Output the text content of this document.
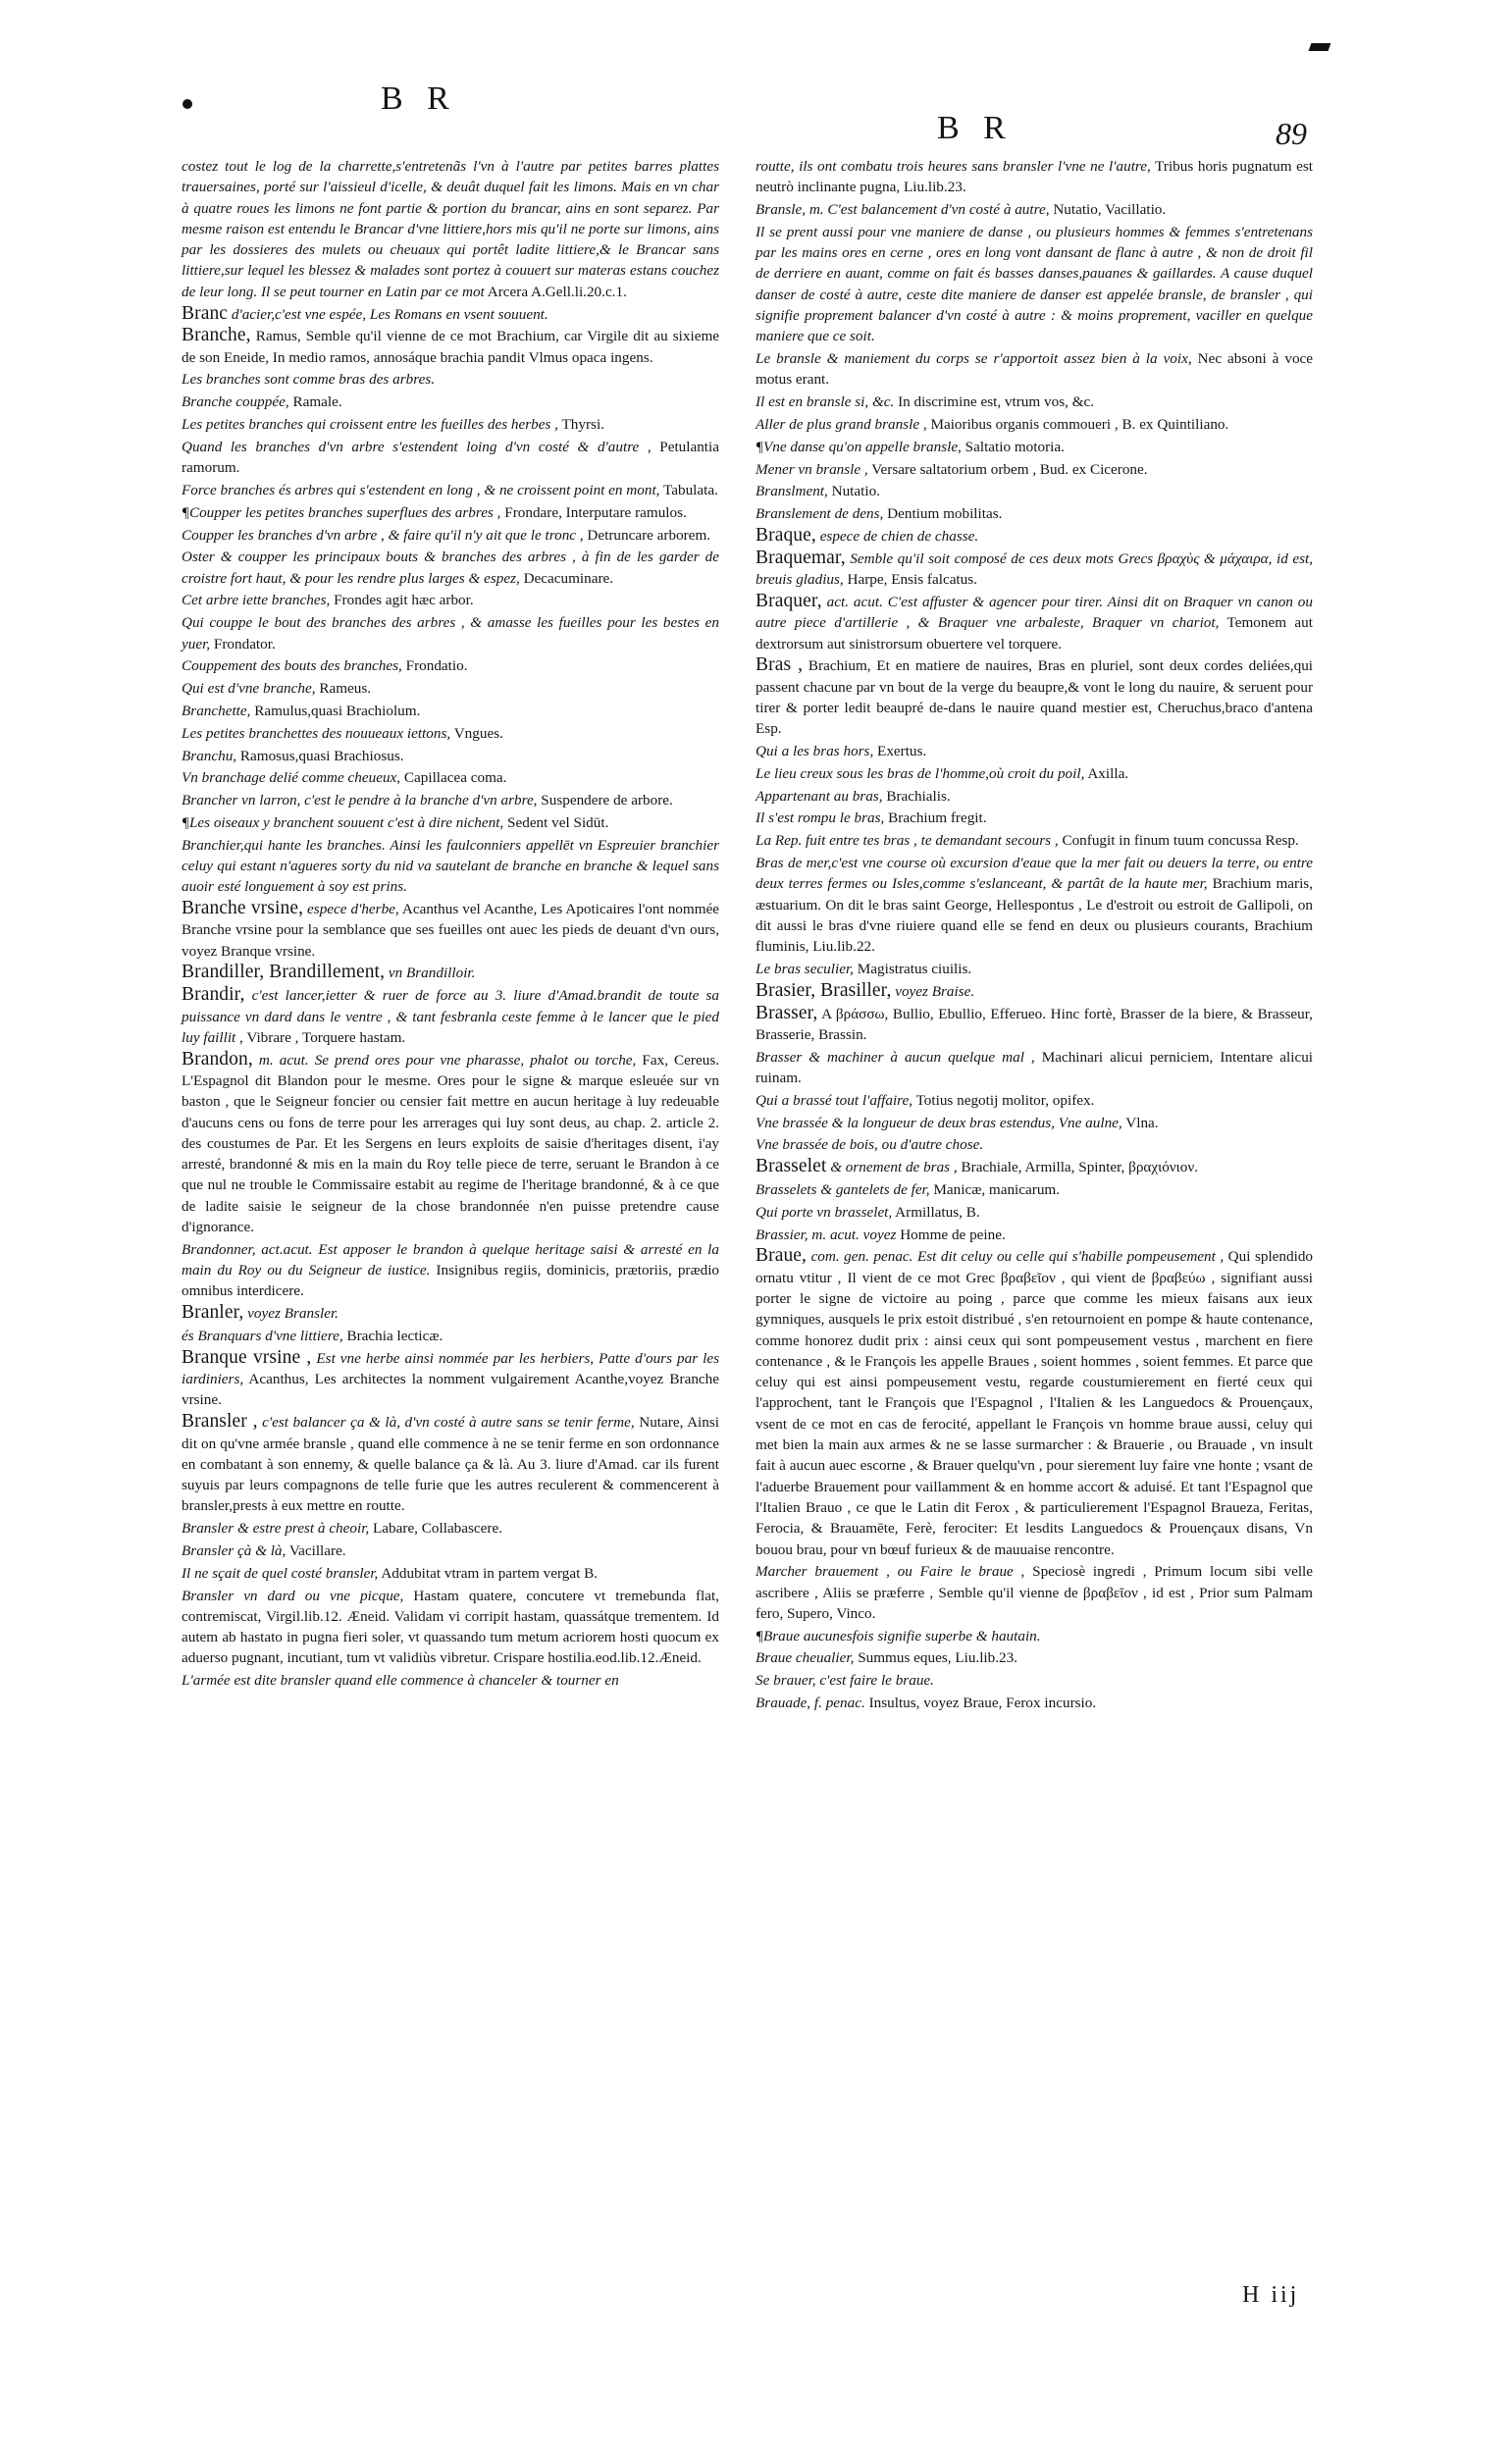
B R
B R	89
costez tout le log de la charrette,s'entretenãs l'vn à l'autre par petites barres plattes trauersaines, porté sur l'aissieul d'icelle, & deuât duquel fait les limons. Mais en vn char à quatre roues les limons ne font partie & portion du brancar, ains en sont separez. Par mesme raison est entendu le Brancar d'vne littiere,hors mis qu'il ne porte sur limons, ains par les dossieres des mulets ou cheuaux qui portêt ladite littiere,& le Brancar sans littiere,sur lequel les blessez & malades sont portez à couuert sur materas estans couchez de leur long. Il se peut tourner en Latin par ce mot Arcera A.Gell.li.20.c.1.
Branc d'acier,c'est vne espée, Les Romans en vsent souuent.
Branche, Ramus, Semble qu'il vienne de ce mot Brachium, car Virgile dit au sixieme de son Eneide, In medio ramos, annosáque brachia pandit Vlmus opaca ingens.
Les branches sont comme bras des arbres.
Branche couppée, Ramale.
Les petites branches qui croissent entre les fueilles des herbes , Thyrsi.
Quand les branches d'vn arbre s'estendent loing d'vn costé & d'autre , Petulantia ramorum.
Force branches és arbres qui s'estendent en long , & ne croissent point en mont, Tabulata.
¶Coupper les petites branches superflues des arbres , Frondare, Interputare ramulos.
Coupper les branches d'vn arbre , & faire qu'il n'y ait que le tronc , Detruncare arborem.
Oster & coupper les principaux bouts & branches des arbres , à fin de les garder de croistre fort haut, & pour les rendre plus larges & espez, Decacuminare.
Cet arbre iette branches, Frondes agit hæc arbor.
Qui couppe le bout des branches des arbres , & amasse les fueilles pour les bestes en yuer, Frondator.
Couppement des bouts des branches, Frondatio.
Qui est d'vne branche, Rameus.
Branchette, Ramulus,quasi Brachiolum.
Les petites branchettes des nouueaux iettons, Vngues.
Branchu, Ramosus,quasi Brachiosus.
Vn branchage delié comme cheueux, Capillacea coma.
Brancher vn larron, c'est le pendre à la branche d'vn arbre, Suspendere de arbore.
¶Les oiseaux y branchent souuent c'est à dire nichent, Sedent vel Sidūt.
Branchier,qui hante les branches. Ainsi les faulconniers appellēt vn Espreuier branchier celuy qui estant n'agueres sorty du nid va sautelant de branche en branche & lequel sans auoir esté longuement à soy est prins.
Branche vrsine, espece d'herbe, Acanthus vel Acanthe, Les Apoticaires l'ont nommée Branche vrsine pour la semblance que ses fueilles ont auec les pieds de deuant d'vn ours, voyez Branque vrsine.
Brandiller, Brandillement, vn Brandilloir.
Brandir, c'est lancer,ietter & ruer de force au 3. liure d'Amad.brandit de toute sa puissance vn dard dans le ventre , & tant fesbranla ceste femme à le lancer que le pied luy faillit , Vibrare , Torquere hastam.
Brandon, m. acut. Se prend ores pour vne pharasse, phalot ou torche, Fax, Cereus. L'Espagnol dit Blandon pour le mesme. Ores pour le signe & marque esleuée sur vn baston , que le Seigneur foncier ou censier fait mettre en aucun heritage à luy redeuable d'aucuns cens ou fons de terre pour les arrerages qui luy sont deus, au chap. 2. article 2. des coustumes de Par. Et les Sergens en leurs exploits de saisie d'heritages disent, i'ay arresté, brandonné & mis en la main du Roy telle piece de terre, seruant le Brandon à ce que nul ne trouble le Commissaire estabit au regime de l'heritage brandonné, & à ce que de ladite saisie le seigneur de la chose brandonnée n'en puisse pretendre cause d'ignorance.
Brandonner, act.acut. Est apposer le brandon à quelque heritage saisi & arresté en la main du Roy ou du Seigneur de iustice. Insignibus regiis, dominicis, prætoriis, prædio omnibus interdicere.
Branler, voyez Bransler.
és Branquars d'vne littiere, Brachia lecticæ.
Branque vrsine , Est vne herbe ainsi nommée par les herbiers, Patte d'ours par les iardiniers, Acanthus, Les architectes la nomment vulgairement Acanthe,voyez Branche vrsine.
Bransler , c'est balancer ça & là, d'vn costé à autre sans se tenir ferme, Nutare, Ainsi dit on qu'vne armée bransle , quand elle commence à ne se tenir ferme en son ordonnance en combatant à son ennemy, & quelle balance ça & là. Au 3. liure d'Amad. car ils furent suyuis par leurs compagnons de telle furie que les autres reculerent & commencerent à bransler,prests à eux mettre en routte.
Bransler & estre prest à cheoir, Labare, Collabascere.
Bransler çà & là, Vacillare.
Il ne sçait de quel costé bransler, Addubitat vtram in partem vergat B.
Bransler vn dard ou vne picque, Hastam quatere, concutere vt tremebunda flat, contremiscat, Virgil.lib.12. Æneid. Validam vi corripit hastam, quassátque trementem. Id autem ab hastato in pugna fieri soler, vt quassando tum metum acriorem hosti quocum ex aduerso pugnant, incutiant, tum vt validiùs vibretur. Crispare hostilia.eod.lib.12.Æneid.
L'armée est dite bransler quand elle commence à chanceler & tourner en
routte, ils ont combatu trois heures sans bransler l'vne ne l'autre, Tribus horis pugnatum est neutrò inclinante pugna, Liu.lib.23.
Bransle, m. C'est balancement d'vn costé à autre, Nutatio, Vacillatio.
Il se prent aussi pour vne maniere de danse , ou plusieurs hommes & femmes s'entretenans par les mains ores en cerne , ores en long vont dansant de flanc à autre , & non de droit fil de derriere en auant, comme on fait és basses danses,pauanes & gaillardes. A cause duquel danser de costé à autre, ceste dite maniere de danser est appelée bransle, de bransler , qui signifie proprement balancer d'vn costé à autre : & moins proprement, vaciller en quelque maniere que ce soit.
Le bransle & maniement du corps se r'apportoit assez bien à la voix, Nec absoni à voce motus erant.
Il est en bransle si, &c. In discrimine est, vtrum vos, &c.
Aller de plus grand bransle , Maioribus organis commoueri , B. ex Quintiliano.
¶Vne danse qu'on appelle bransle, Saltatio motoria.
Mener vn bransle , Versare saltatorium orbem , Bud. ex Cicerone.
Branslment, Nutatio.
Branslement de dens, Dentium mobilitas.
Braque, espece de chien de chasse.
Braquemar, Semble qu'il soit composé de ces deux mots Grecs βραχὺς & μάχαιρα, id est, breuis gladius, Harpe, Ensis falcatus.
Braquer, act. acut. C'est affuster & agencer pour tirer. Ainsi dit on Braquer vn canon ou autre piece d'artillerie , & Braquer vne arbaleste, Braquer vn chariot, Temonem aut dextrorsum aut sinistrorsum obuertere vel torquere.
Bras , Brachium, Et en matiere de nauires, Bras en pluriel, sont deux cordes deliées,qui passent chacune par vn bout de la verge du beaupre,& vont le long du nauire, & seruent pour tirer & porter ledit beaupré de-dans le nauire quand mestier est, Cheruchus,braco d'antena Esp.
Qui a les bras hors, Exertus.
Le lieu creux sous les bras de l'homme,où croit du poil, Axilla.
Appartenant au bras, Brachialis.
Il s'est rompu le bras, Brachium fregit.
La Rep. fuit entre tes bras , te demandant secours , Confugit in finum tuum concussa Resp.
Bras de mer,c'est vne course où excursion d'eaue que la mer fait ou deuers la terre, ou entre deux terres fermes ou Isles,comme s'eslanceant, & partât de la haute mer, Brachium maris, æstuarium. On dit le bras saint George, Hellespontus , Le d'estroit ou estroit de Gallipoli, on dit aussi le bras d'vne riuiere quand elle se fend en deux ou plusieurs courants, Brachium fluminis, Liu.lib.22.
Le bras seculier, Magistratus ciuilis.
Brasier, Brasiller, voyez Braise.
Brasser, A βράσσω, Bullio, Ebullio, Efferueo. Hinc fortè, Brasser de la biere, & Brasseur, Brasserie, Brassin.
Brasser & machiner à aucun quelque mal , Machinari alicui perniciem, Intentare alicui ruinam.
Qui a brassé tout l'affaire, Totius negotij molitor, opifex.
Vne brassée & la longueur de deux bras estendus, Vne aulne, Vlna.
Vne brassée de bois, ou d'autre chose.
Brasselet & ornement de bras , Brachiale, Armilla, Spinter, βραχιόνιον.
Brasselets & gantelets de fer, Manicæ, manicarum.
Qui porte vn brasselet, Armillatus, B.
Brassier, m. acut. voyez Homme de peine.
Braue, com. gen. penac. Est dit celuy ou celle qui s'habille pompeusement , Qui splendido ornatu vtitur , Il vient de ce mot Grec βραβεῖον , qui vient de βραβεύω , signifiant aussi porter le signe de victoire au poing , parce que comme les mieux faisans aux ieux gymniques, ausquels le prix estoit distribué , s'en retournoient en pompe & haute contenance, comme honorez dudit prix : ainsi ceux qui sont pompeusement vestus , marchent en fiere contenance , & le François les appelle Braues , soient hommes , soient femmes. Et parce que celuy qui est ainsi pompeusement vestu, regarde coustumierement en fierté ceux qui l'approchent, tant le François que l'Espagnol , l'Italien & les Languedocs & Prouençaux, vsent de ce mot en cas de ferocité, appellant le François vn homme braue aussi, celuy qui met bien la main aux armes & ne se lasse surmarcher : & Brauerie , ou Brauade , vn insult fait à aucun auec escorne , & Brauer quelqu'vn , pour sierement luy faire vne honte ; vsant de l'aduerbe Brauement pour vaillamment & en homme accort & aduisé. Et tant l'Espagnol que l'Italien Brauo , ce que le Latin dit Ferox , & particulierement l'Espagnol Braueza, Feritas, Ferocia, & Brauamēte, Ferè, ferociter: Et lesdits Languedocs & Prouençaux disans, Vn bouou brau, pour vn bœuf furieux & de mauuaise rencontre.
Marcher brauement , ou Faire le braue , Speciosè ingredi , Primum locum sibi velle ascribere , Aliis se præferre , Semble qu'il vienne de βραβεῖον , id est , Prior sum Palmam fero, Supero, Vinco.
¶Braue aucunesfois signifie superbe & hautain.
Braue cheualier, Summus eques, Liu.lib.23.
Se brauer, c'est faire le braue.
Brauade, f. penac. Insultus, voyez Braue, Ferox incursio.
H iij
